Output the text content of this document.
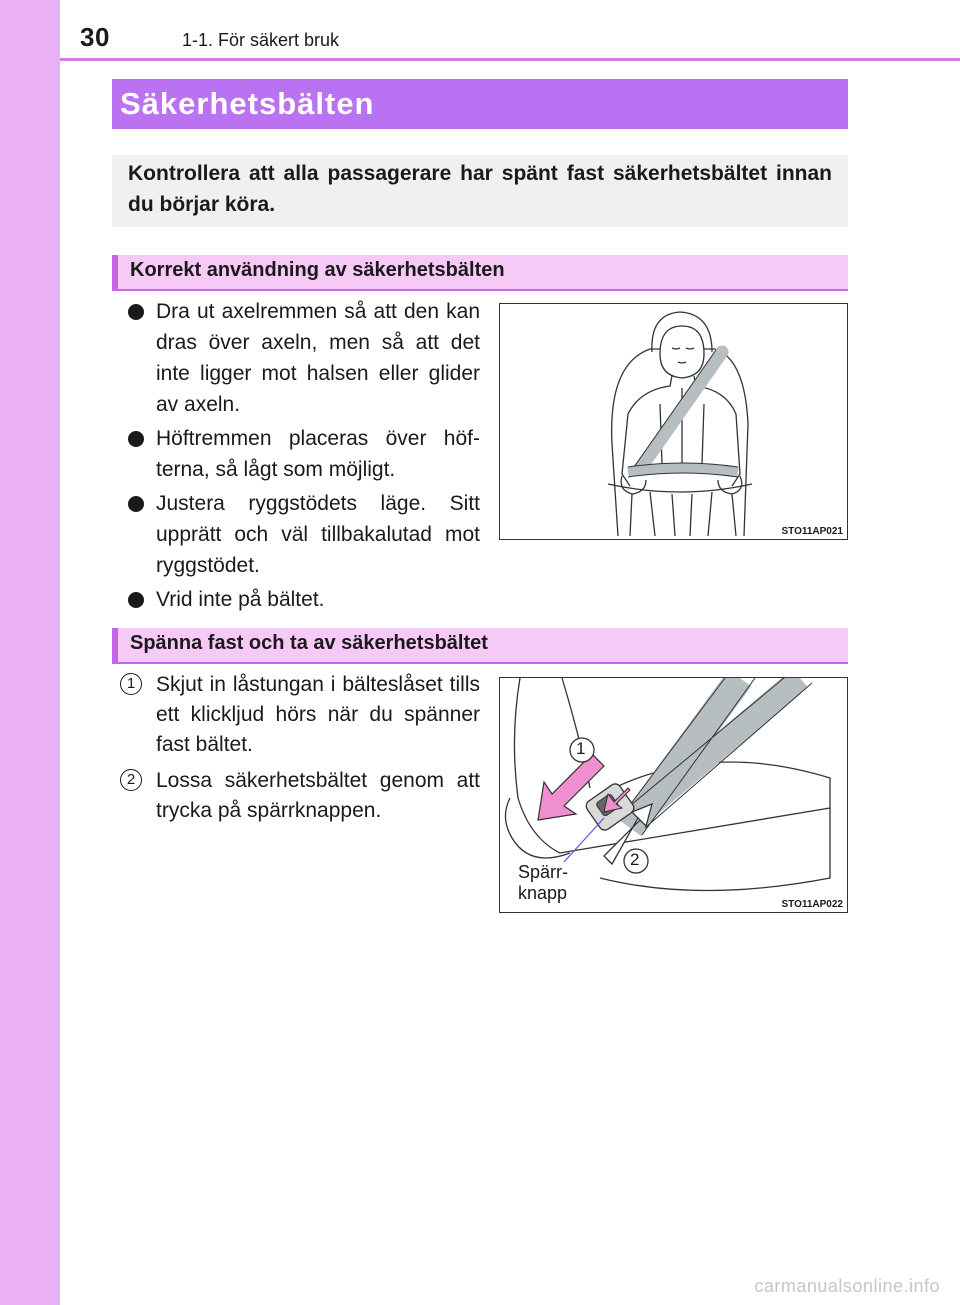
30	1-1. För säkert bruk
Säkerhetsbälten
Kontrollera att alla passagerare har spänt fast säkerhetsbältet innan du börjar köra.
Korrekt användning av säkerhetsbälten
Dra ut axelremmen så att den kan dras över axeln, men så att det inte ligger mot halsen eller glider av axeln.
Höftremmen placeras över höf-terna, så lågt som möjligt.
Justera ryggstödets läge. Sitt upprätt och väl tillbakalutad mot ryggstödet.
Vrid inte på bältet.
STO11AP021
Spänna fast och ta av säkerhetsbältet
1 Skjut in låstungan i bälteslåset tills ett klickljud hörs när du spänner fast bältet.
2 Lossa säkerhetsbältet genom att trycka på spärrknappen.
1
2
Spärr-
knapp
STO11AP022
carmanualsonline.info
